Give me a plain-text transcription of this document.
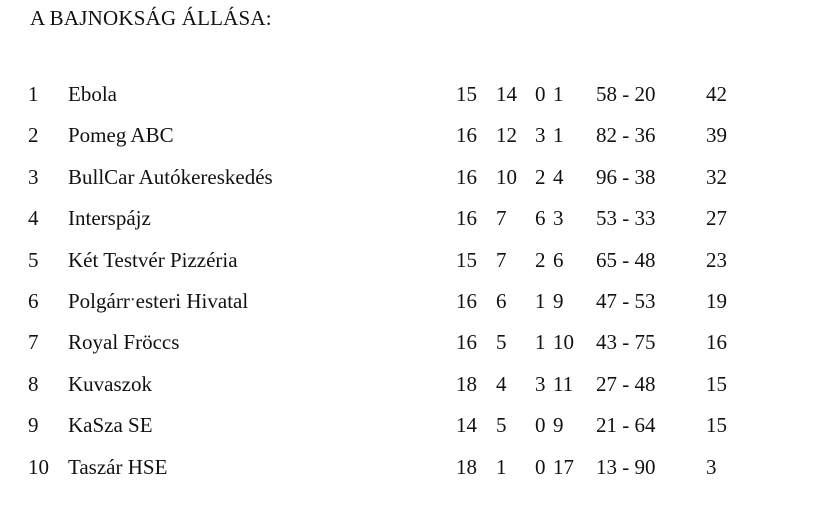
A BAJNOKSÁG ÁLLÁSA:
1 Ebola	15 14 0 1 58 - 20 42
2 Pomeg ABC	16 12 3 1 82 - 36 39
3 BullCar Autókereskedés	16 10 2 4 96 - 38 32
4 Interspájz	16 7 6 3 53 - 33 27
5 Két Testvér Pizzéria	15 7 2 6 65 - 48 23
6 Polgárrˑesteri Hivatal	16 6 1 9 47 - 53 19
7 Royal Fröccs	16 5 1 10 43 - 75 16
8 Kuvaszok	18 4 3 11 27 - 48 15
9 KaSza SE	14 5 0 9 21 - 64 15
10 Taszár HSE	18 1 0 17 13 - 90 3
